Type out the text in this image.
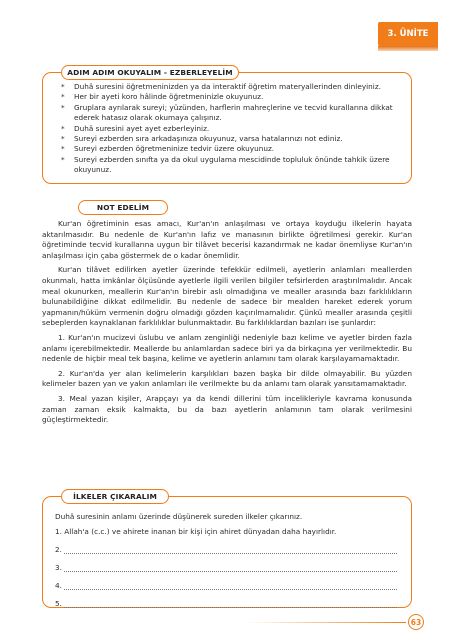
3. ÜNİTE
ADIM ADIM OKUYALIM - EZBERLEYELİM
* Duhâ suresini öğretmeninizden ya da interaktif öğretim materyallerinden dinleyiniz.
* Her bir ayeti koro hâlinde öğretmeninizle okuyunuz.
* Gruplara ayrılarak sureyi; yüzünden, harflerin mahreçlerine ve tecvid kurallarına dikkat ederek hatasız olarak okumaya çalışınız.
* Duhâ suresini ayet ayet ezberleyiniz.
* Sureyi ezberden sıra arkadaşınıza okuyunuz, varsa hatalarınızı not ediniz.
* Sureyi ezberden öğretmeninize tedvir üzere okuyunuz.
* Sureyi ezberden sınıfta ya da okul uygulama mescidinde topluluk önünde tahkik üzere okuyunuz.
NOT EDELİM

Kur'an öğretiminin esas amacı, Kur'an'ın anlaşılması ve ortaya koyduğu ilkelerin hayata aktarılmasıdır. Bu nedenle de Kur'an'ın lafız ve manasının birlikte öğretilmesi gerekir. Kur'an öğretiminde tecvid kurallarına uygun bir tilâvet becerisi kazandırmak ne kadar önemliyse Kur'an'ın anlaşılması için çaba göstermek de o kadar önemlidir.

Kur'an tilâvet edilirken ayetler üzerinde tefekkür edilmeli, ayetlerin anlamları meallerden okunmalı, hatta imkânlar ölçüsünde ayetlerle ilgili verilen bilgiler tefsirlerden araştırılmalıdır. Ancak meal okunurken, meallerin Kur'an'ın birebir aslı olmadığına ve mealler arasında bazı farklılıkların bulunabildiğine dikkat edilmelidir. Bu nedenle de sadece bir mealden hareket ederek yorum yapmanın/hüküm vermenin doğru olmadığı gözden kaçırılmamalıdır. Çünkü mealler arasında çeşitli sebeplerden kaynaklanan farklılıklar bulunmaktadır. Bu farklılıklardan bazıları ise şunlardır:

1. Kur'an'ın mucizevi üslubu ve anlam zenginliği nedeniyle bazı kelime ve ayetler birden fazla anlamı içerebilmektedir. Meallerde bu anlamlardan sadece biri ya da birkaçına yer verilmektedir. Bu nedenle de hiçbir meal tek başına, kelime ve ayetlerin anlamını tam olarak karşılayamamaktadır.

2. Kur'an'da yer alan kelimelerin karşılıkları bazen başka bir dilde olmayabilir. Bu yüzden kelimeler bazen yan ve yakın anlamları ile verilmekte bu da anlamı tam olarak yansıtamamaktadır.

3. Meal yazan kişiler, Arapçayı ya da kendi dillerini tüm incelikleriyle kavrama konusunda zaman zaman eksik kalmakta, bu da bazı ayetlerin anlamının tam olarak verilmesini güçleştirmektedir.

İLKELER ÇIKARALIM
Duhâ suresinin anlamı üzerinde düşünerek sureden ilkeler çıkarınız.
1. Allah'a (c.c.) ve ahirete inanan bir kişi için ahiret dünyadan daha hayırlıdır.
2.
3.
4.
5.
63
